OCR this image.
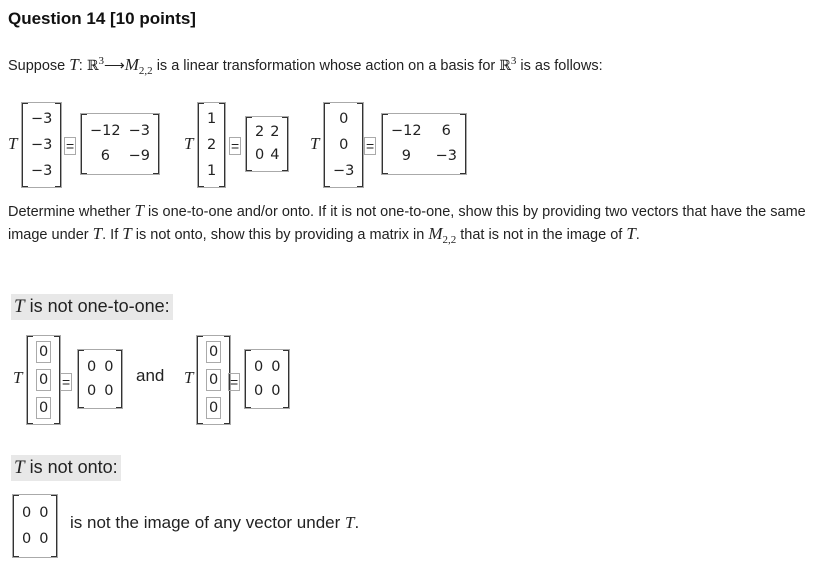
Question 14 [10 points]
Suppose T: $ℝ^3⟶M_{2,2}$ is a linear transformation whose action on a basis for ℝ$^3$ is as follows:
T
−3
−3
−3
=
−12 −3
6	−9
T
1
2
1
=
2 2
0 4
T
0
0
−3
=
−12	6
9	−3
Determine whether T is one-to-one and/or onto. If it is not one-to-one, show this by providing two vectors that have the same image under T. If T is not onto, show this by providing a matrix in $M_{2,2}$ that is not in the image of T.
T is not one-to-one:
T
0
0
0
=
0 0
0 0
and T
0
0
0
=
0 0
0 0
T is not onto:
0 0
0 0
is not the image of any vector under T.
